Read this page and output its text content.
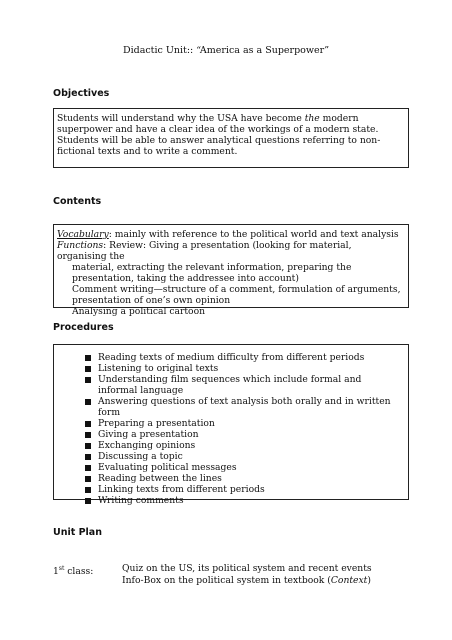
Didactic Unit:: “America as a Superpower”
Objectives

Students will understand why the USA have become the modern superpower and have a clear idea of the workings of a modern state.

Students will be able to answer analytical questions referring to non-fictional texts and to write a comment.

Contents

Vocabulary: mainly with reference to the political world and text analysis

Functions: Review: Giving a presentation (looking for material, organising the

material, extracting the relevant information, preparing the presentation, taking the addressee into account)

Comment writing—structure of a comment, formulation of arguments, presentation of one’s own opinion

Analysing a political cartoon

Procedures
Reading texts of medium difficulty from different periods
Listening to original texts
Understanding film sequences which include formal and informal language
Answering questions of text analysis both orally and in written form
Preparing a presentation
Giving a presentation
Exchanging opinions
Discussing a topic
Evaluating political messages
Reading between the lines
Linking texts from different periods
Writing comments
Unit Plan
1st class:	Quiz on the US, its political system and recent events
Info-Box on the political system in textbook (Context)
